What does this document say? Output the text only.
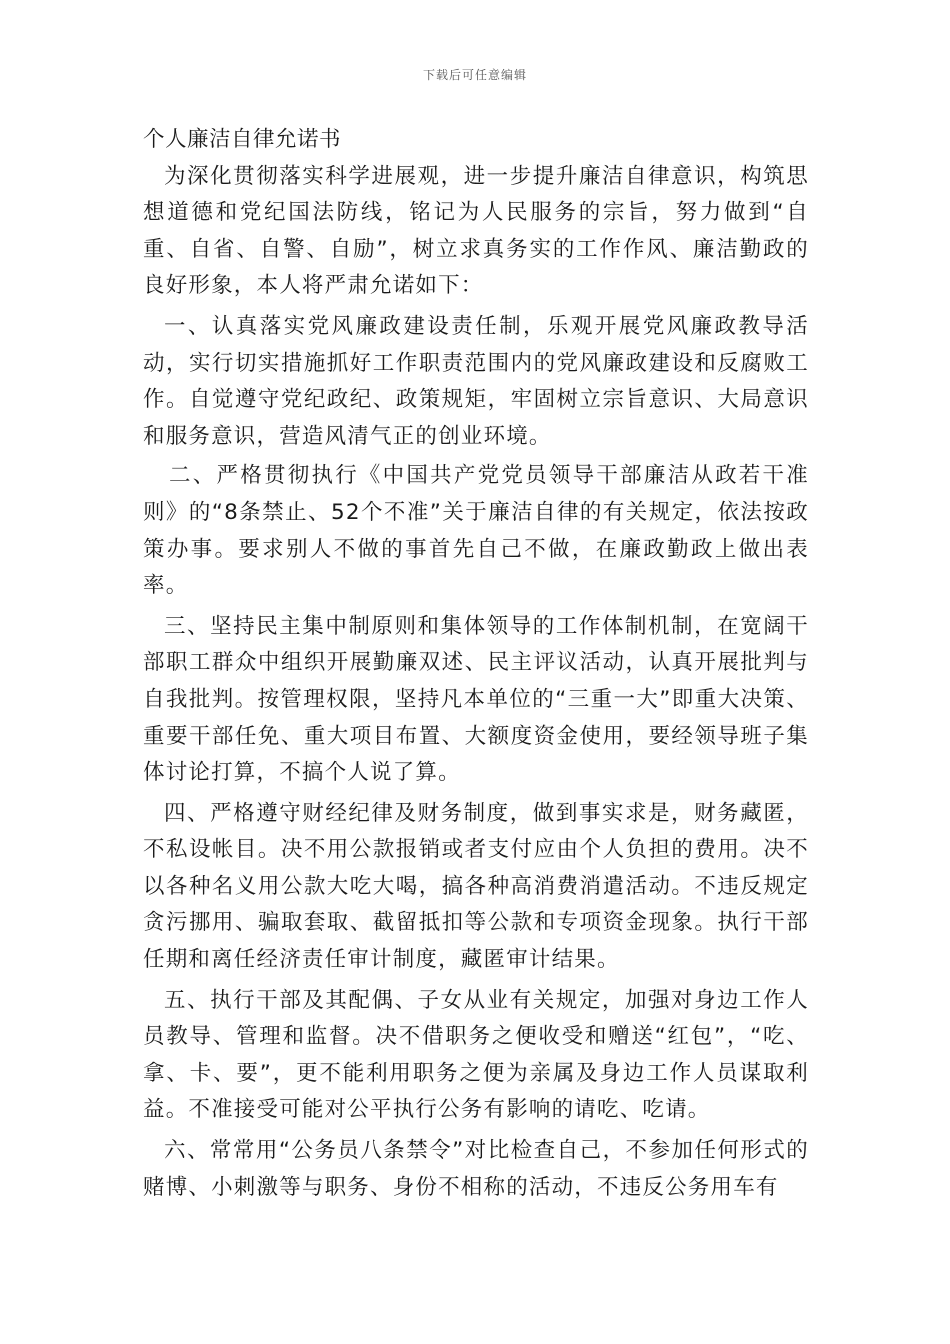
下载后可任意编辑
个人廉洁自律允诺书

为深化贯彻落实科学进展观，进一步提升廉洁自律意识，构筑思想道德和党纪国法防线，铭记为人民服务的宗旨，努力做到“自重、自省、自警、自励”，树立求真务实的工作作风、廉洁勤政的良好形象，本人将严肃允诺如下：

一、认真落实党风廉政建设责任制，乐观开展党风廉政教导活动，实行切实措施抓好工作职责范围内的党风廉政建设和反腐败工作。自觉遵守党纪政纪、政策规矩，牢固树立宗旨意识、大局意识和服务意识，营造风清气正的创业环境。

二、严格贯彻执行《中国共产党党员领导干部廉洁从政若干准则》的“8条禁止、52个不准”关于廉洁自律的有关规定，依法按政策办事。要求别人不做的事首先自己不做，在廉政勤政上做出表率。

三、坚持民主集中制原则和集体领导的工作体制机制，在宽阔干部职工群众中组织开展勤廉双述、民主评议活动，认真开展批判与自我批判。按管理权限，坚持凡本单位的“三重一大”即重大决策、重要干部任免、重大项目布置、大额度资金使用，要经领导班子集体讨论打算，不搞个人说了算。

四、严格遵守财经纪律及财务制度，做到事实求是，财务藏匿，不私设帐目。决不用公款报销或者支付应由个人负担的费用。决不以各种名义用公款大吃大喝，搞各种高消费消遣活动。不违反规定贪污挪用、骗取套取、截留抵扣等公款和专项资金现象。执行干部任期和离任经济责任审计制度，藏匿审计结果。

五、执行干部及其配偶、子女从业有关规定，加强对身边工作人员教导、管理和监督。决不借职务之便收受和赠送“红包”，“吃、拿、卡、要”，更不能利用职务之便为亲属及身边工作人员谋取利益。不准接受可能对公平执行公务有影响的请吃、吃请。

六、常常用“公务员八条禁令”对比检查自己，不参加任何形式的赌博、小刺激等与职务、身份不相称的活动，不违反公务用车有
